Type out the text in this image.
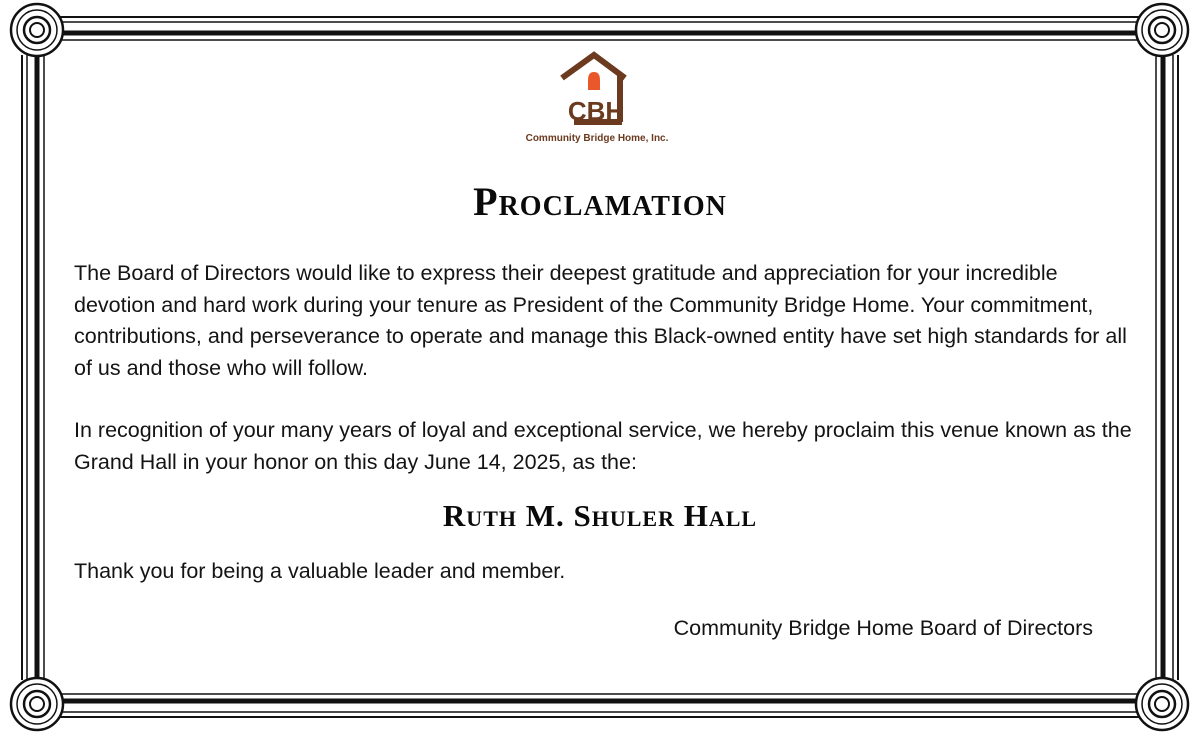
CBH
Community Bridge Home, Inc.
Proclamation

The Board of Directors would like to express their deepest gratitude and appreciation for your incredible devotion and hard work during your tenure as President of the Community Bridge Home. Your commitment, contributions, and perseverance to operate and manage this Black-owned entity have set high standards for all of us and those who will follow.

In recognition of your many years of loyal and exceptional service, we hereby proclaim this venue known as the Grand Hall in your honor on this day June 14, 2025, as the:

Ruth M. Shuler Hall

Thank you for being a valuable leader and member.

Community Bridge Home Board of Directors
